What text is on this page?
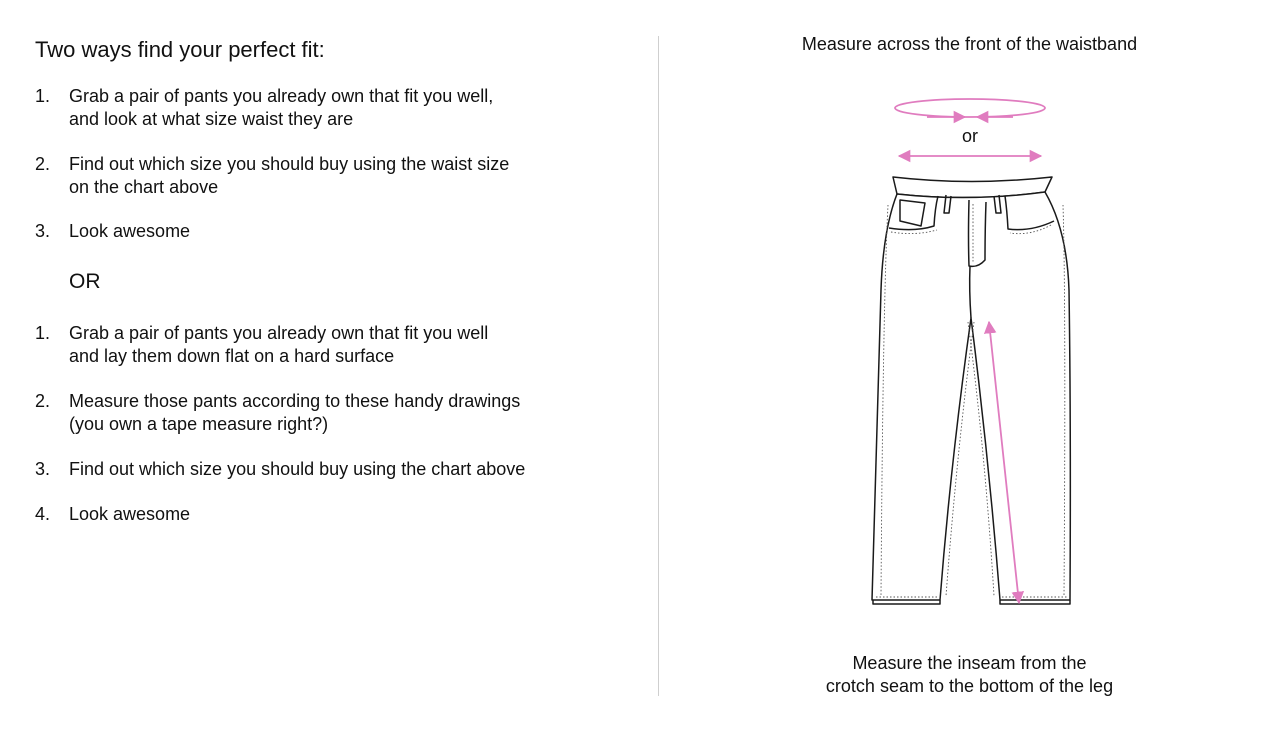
Two ways find your perfect fit:
1. Grab a pair of pants you already own that fit you well,
and look at what size waist they are
2. Find out which size you should buy using the waist size
on the chart above
3. Look awesome
OR
1. Grab a pair of pants you already own that fit you well
and lay them down flat on a hard surface
2. Measure those pants according to these handy drawings
(you own a tape measure right?)
3. Find out which size you should buy using the chart above
4. Look awesome
Measure across the front of the waistband
or
Measure the inseam from the
crotch seam to the bottom of the leg
